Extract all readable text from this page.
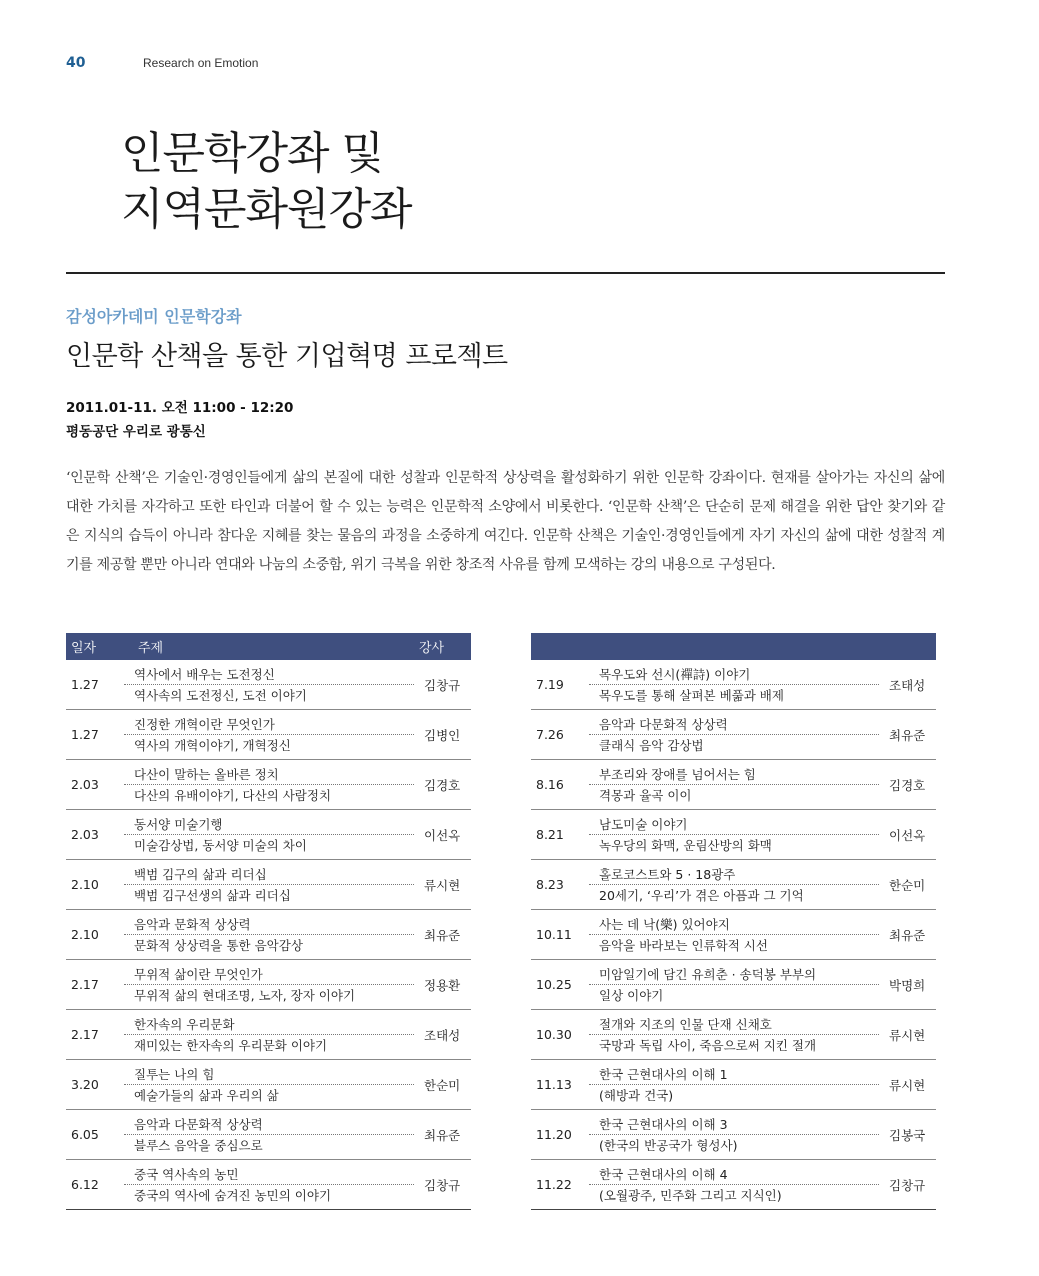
40	Research on Emotion
인문학강좌 및
지역문화원강좌
감성아카데미 인문학강좌
인문학 산책을 통한 기업혁명 프로젝트
2011.01-11. 오전 11:00 - 12:20
평동공단 우리로 광통신

‘인문학 산책’은 기술인·경영인들에게 삶의 본질에 대한 성찰과 인문학적 상상력을 활성화하기 위한 인문학 강좌이다. 현재를 살아가는 자신의 삶에 대한 가치를 자각하고 또한 타인과 더불어 할 수 있는 능력은 인문학적 소양에서 비롯한다. ‘인문학 산책’은 단순히 문제 해결을 위한 답안 찾기와 같은 지식의 습득이 아니라 참다운 지혜를 찾는 물음의 과정을 소중하게 여긴다. 인문학 산책은 기술인·경영인들에게 자기 자신의 삶에 대한 성찰적 계기를 제공할 뿐만 아니라 연대와 나눔의 소중함, 위기 극복을 위한 창조적 사유를 함께 모색하는 강의 내용으로 구성된다.

일자	주제	강사
1.27	역사에서 배우는 도전정신	김창규
	역사속의 도전정신, 도전 이야기	
1.27	진정한 개혁이란 무엇인가	김병인
	역사의 개혁이야기, 개혁정신	
2.03	다산이 말하는 올바른 정치	김경호
	다산의 유배이야기, 다산의 사람정치	
2.03	동서양 미술기행	이선옥
	미술감상법, 동서양 미술의 차이	
2.10	백범 김구의 삶과 리더십	류시현
	백범 김구선생의 삶과 리더십	
2.10	음악과 문화적 상상력	최유준
	문화적 상상력을 통한 음악감상	
2.17	무위적 삶이란 무엇인가	정용환
	무위적 삶의 현대조명, 노자, 장자 이야기	
2.17	한자속의 우리문화	조태성
	재미있는 한자속의 우리문화 이야기	
3.20	질투는 나의 힘	한순미
	예술가들의 삶과 우리의 삶	
6.05	음악과 다문화적 상상력	최유준
	블루스 음악을 중심으로	
6.12	중국 역사속의 농민	김창규
	중국의 역사에 숨겨진 농민의 이야기	

7.19	목우도와 선시(禪詩) 이야기	조태성
	목우도를 통해 살펴본 베풂과 배제	
7.26	음악과 다문화적 상상력	최유준
	클래식 음악 감상법	
8.16	부조리와 장애를 넘어서는 힘	김경호
	격몽과 율곡 이이	
8.21	남도미술 이야기	이선옥
	녹우당의 화맥, 운림산방의 화맥	
8.23	홀로코스트와 5 · 18광주	한순미
	20세기, ‘우리’가 겪은 아픔과 그 기억	
10.11	사는 데 낙(樂) 있어야지	최유준
	음악을 바라보는 인류학적 시선	
10.25	미암일기에 담긴 유희춘 · 송덕봉 부부의	박명희
	일상 이야기	
10.30	절개와 지조의 인물 단재 신채호	류시현
	국망과 독립 사이, 죽음으로써 지킨 절개	
11.13	한국 근현대사의 이해 1	류시현
	(해방과 건국)	
11.20	한국 근현대사의 이해 3	김봉국
	(한국의 반공국가 형성사)	
11.22	한국 근현대사의 이해 4	김창규
	(오월광주, 민주화 그리고 지식인)	
